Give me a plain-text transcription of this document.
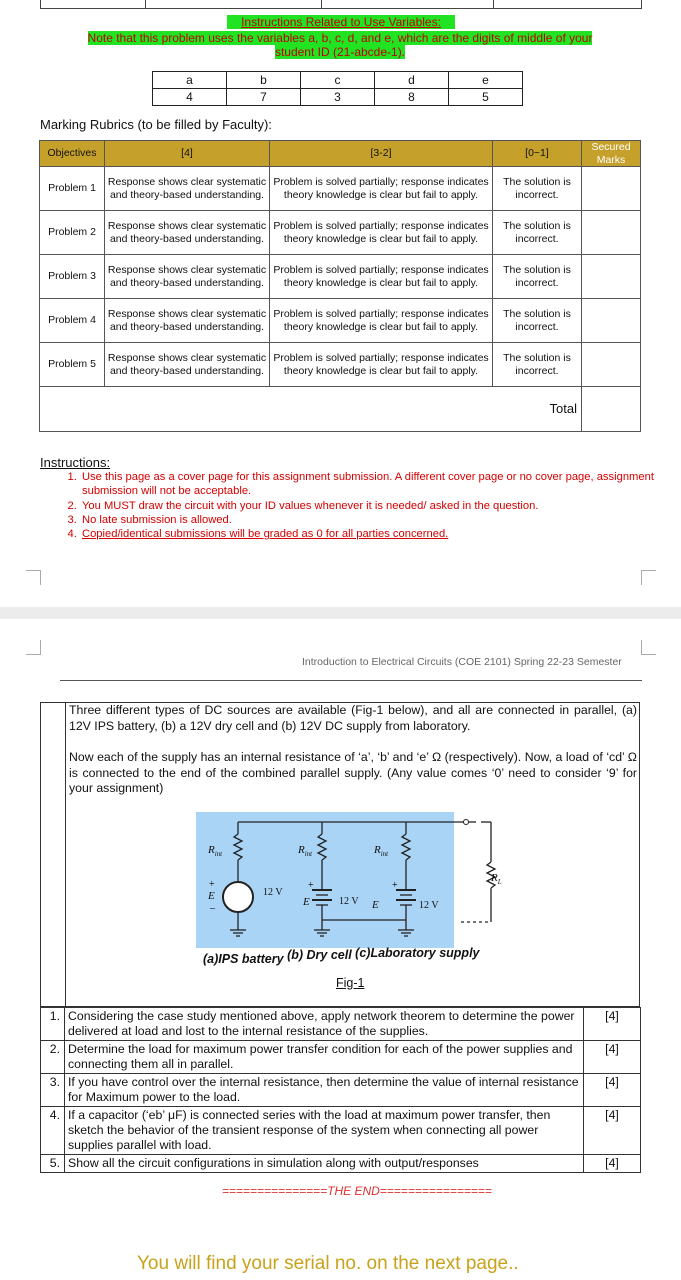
Instructions Related to Use Variables:
Note that this problem uses the variables a, b, c, d, and e, which are the digits of middle of your
student ID (21-abcde-1).
a	b	c	d	e
4	7	3	8	5
Marking Rubrics (to be filled by Faculty):
Objectives	[4]	[3-2]	[0~1]	Secured Marks
Problem 1	Response shows clear systematic and theory-based understanding.	Problem is solved partially; response indicates theory knowledge is clear but fail to apply.	The solution is incorrect.	
Problem 2	Response shows clear systematic and theory-based understanding.	Problem is solved partially; response indicates theory knowledge is clear but fail to apply.	The solution is incorrect.	
Problem 3	Response shows clear systematic and theory-based understanding.	Problem is solved partially; response indicates theory knowledge is clear but fail to apply.	The solution is incorrect.	
Problem 4	Response shows clear systematic and theory-based understanding.	Problem is solved partially; response indicates theory knowledge is clear but fail to apply.	The solution is incorrect.	
Problem 5	Response shows clear systematic and theory-based understanding.	Problem is solved partially; response indicates theory knowledge is clear but fail to apply.	The solution is incorrect.	
Total				
Instructions:
1. Use this page as a cover page for this assignment submission. A different cover page or no cover page, assignment submission will not be acceptable.
2. You MUST draw the circuit with your ID values whenever it is needed/ asked in the question.
3. No late submission is allowed.
4. Copied/identical submissions will be graded as 0 for all parties concerned.
Introduction to Electrical Circuits (COE 2101) Spring 22-23 Semester
Three different types of DC sources are available (Fig-1 below), and all are connected in parallel, (a) 12V IPS battery, (b) a 12V dry cell and (b) 12V DC supply from laboratory.
Now each of the supply has an internal resistance of ‘a’, ‘b’ and ‘e’ Ω (respectively). Now, a load of ‘cd’ Ω is connected to the end of the combined parallel supply. (Any value comes ‘0’ need to consider ‘9’ for your assignment)
+	+	+
–
$R_{int}$	$R_{int}$	$R_{int}$
E	12 V
E	12 V E	12 V
$R_L$
(a)IPS battery (b) Dry cell (c)Laboratory supply
Fig-1
1.	Considering the case study mentioned above, apply network theorem to determine the power delivered at load and lost to the internal resistance of the supplies.	[4]
2.	Determine the load for maximum power transfer condition for each of the power supplies and connecting them all in parallel.	[4]
3.	If you have control over the internal resistance, then determine the value of internal resistance for Maximum power to the load.	[4]
4.	If a capacitor (‘eb’ μF) is connected series with the load at maximum power transfer, then sketch the behavior of the transient response of the system when connecting all power supplies parallel with load.	[4]
5.	Show all the circuit configurations in simulation along with output/responses	[4]
===============THE END================
You will find your serial no. on the next page..
